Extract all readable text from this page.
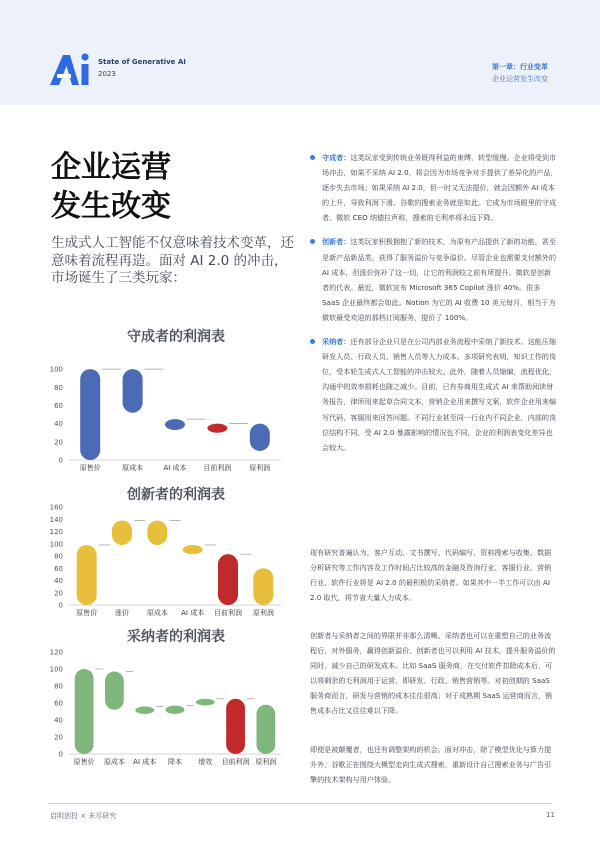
State of Generative AI
2023
第一章：行业变革
企业运营发生改变
企业运营
发生改变
生成式人工智能不仅意味着技术变革，还意味着流程再造。面对 AI 2.0 的冲击，市场诞生了三类玩家：
守成者的利润表
0
20
40
60
80
100
原售价	原成本	AI 成本 目前利润	原利润
创新者的利润表
0
20
40
60
80
100
120
140
160
原售价	涨价	原成本 AI 成本 目前利润 原利润
采纳者的利润表
0
20
40
60
80
100
120
原售价 原成本 AI 成本 降本 增效 目前利润 原利润
守成者：这类玩家受到传统业务既得利益的束缚，转型缓慢。企业将受到市场冲击，如果不采纳 AI 2.0，将会因为市场竞争对手提供了差异化的产品，逐步失去市场；如果采纳 AI 2.0，但一时又无法提价，就会因额外 AI 成本的上升，导致利润下滑。谷歌的搜索业务就是如此。它成为市场眼里的守成者。微软 CEO 纳德拉声称，搜索的毛利率将永远下降。
创新者：这类玩家积极拥抱了新的技术，为原有产品提供了新的功能，甚至是新产品新品类，获得了服务溢价与竞争溢价。尽管企业也需要支付额外的 AI 成本，但涨价弥补了这一切，让它的利润较之前有所提升。微软是创新者的代表。最近，微软宣布 Microsoft 365 Copilot 涨价 40%。很多 SaaS 企业最终都会如此。Notion 为它的 AI 收费 10 美元每月，相当于为微软最受欢迎的那档订阅服务，提价了 100%。
采纳者：还有部分企业只是在公司内部业务流程中采纳了新技术。这能压缩研发人员、行政人员、销售人员等人力成本。多项研究表明，知识工作的岗位，受本轮生成式人工智能的冲击较大。此外，随着人员缩编，流程优化，沟通中的效率损耗也随之减少。目前，已有券商用生成式 AI 来帮助阅读财务报告，律所用来起草合同文本，营销企业用来撰写文案，软件企业用来编写代码，客服用来回答问题。不同行业甚至同一行业内不同企业，内部的岗位结构不同，受 AI 2.0 暴露影响的情况也不同，企业的利润表变化差异也会较大。
现有研究普遍认为，客户互动、文书撰写、代码编写、资料搜索与收集、数据分析研究等工作内容及工作时间占比较高的金融及咨询行业、客服行业、营销行业、软件行业将是 AI 2.0 的最积极的采纳者。如果其中一半工作可以由 AI 2.0 取代，将节省大量人力成本。
创新者与采纳者之间的界限并非那么清晰。采纳者也可以在重塑自己的业务流程后，对外服务，赢得创新溢价。创新者也可以利用 AI 技术，提升服务溢价的同时，减少自己的研发成本。比如 SaaS 服务商，在交付软件扣除成本后，可以将剩余的毛利润用于运营，即研发、行政、销售营销等。对初创期的 SaaS 服务商而言，研发与营销的成本往往很高；对于成熟期 SaaS 运营商而言，销售成本占比又往往难以下降。
即便是被颠覆者，也还有调整架构的机会。面对冲击，除了模型优化与算力提升外，谷歌正在围绕大模型走向生成式搜索，重新设计自己搜索业务与广告引擎的技术架构与用户体验。
启明创投 × 未尽研究	11
